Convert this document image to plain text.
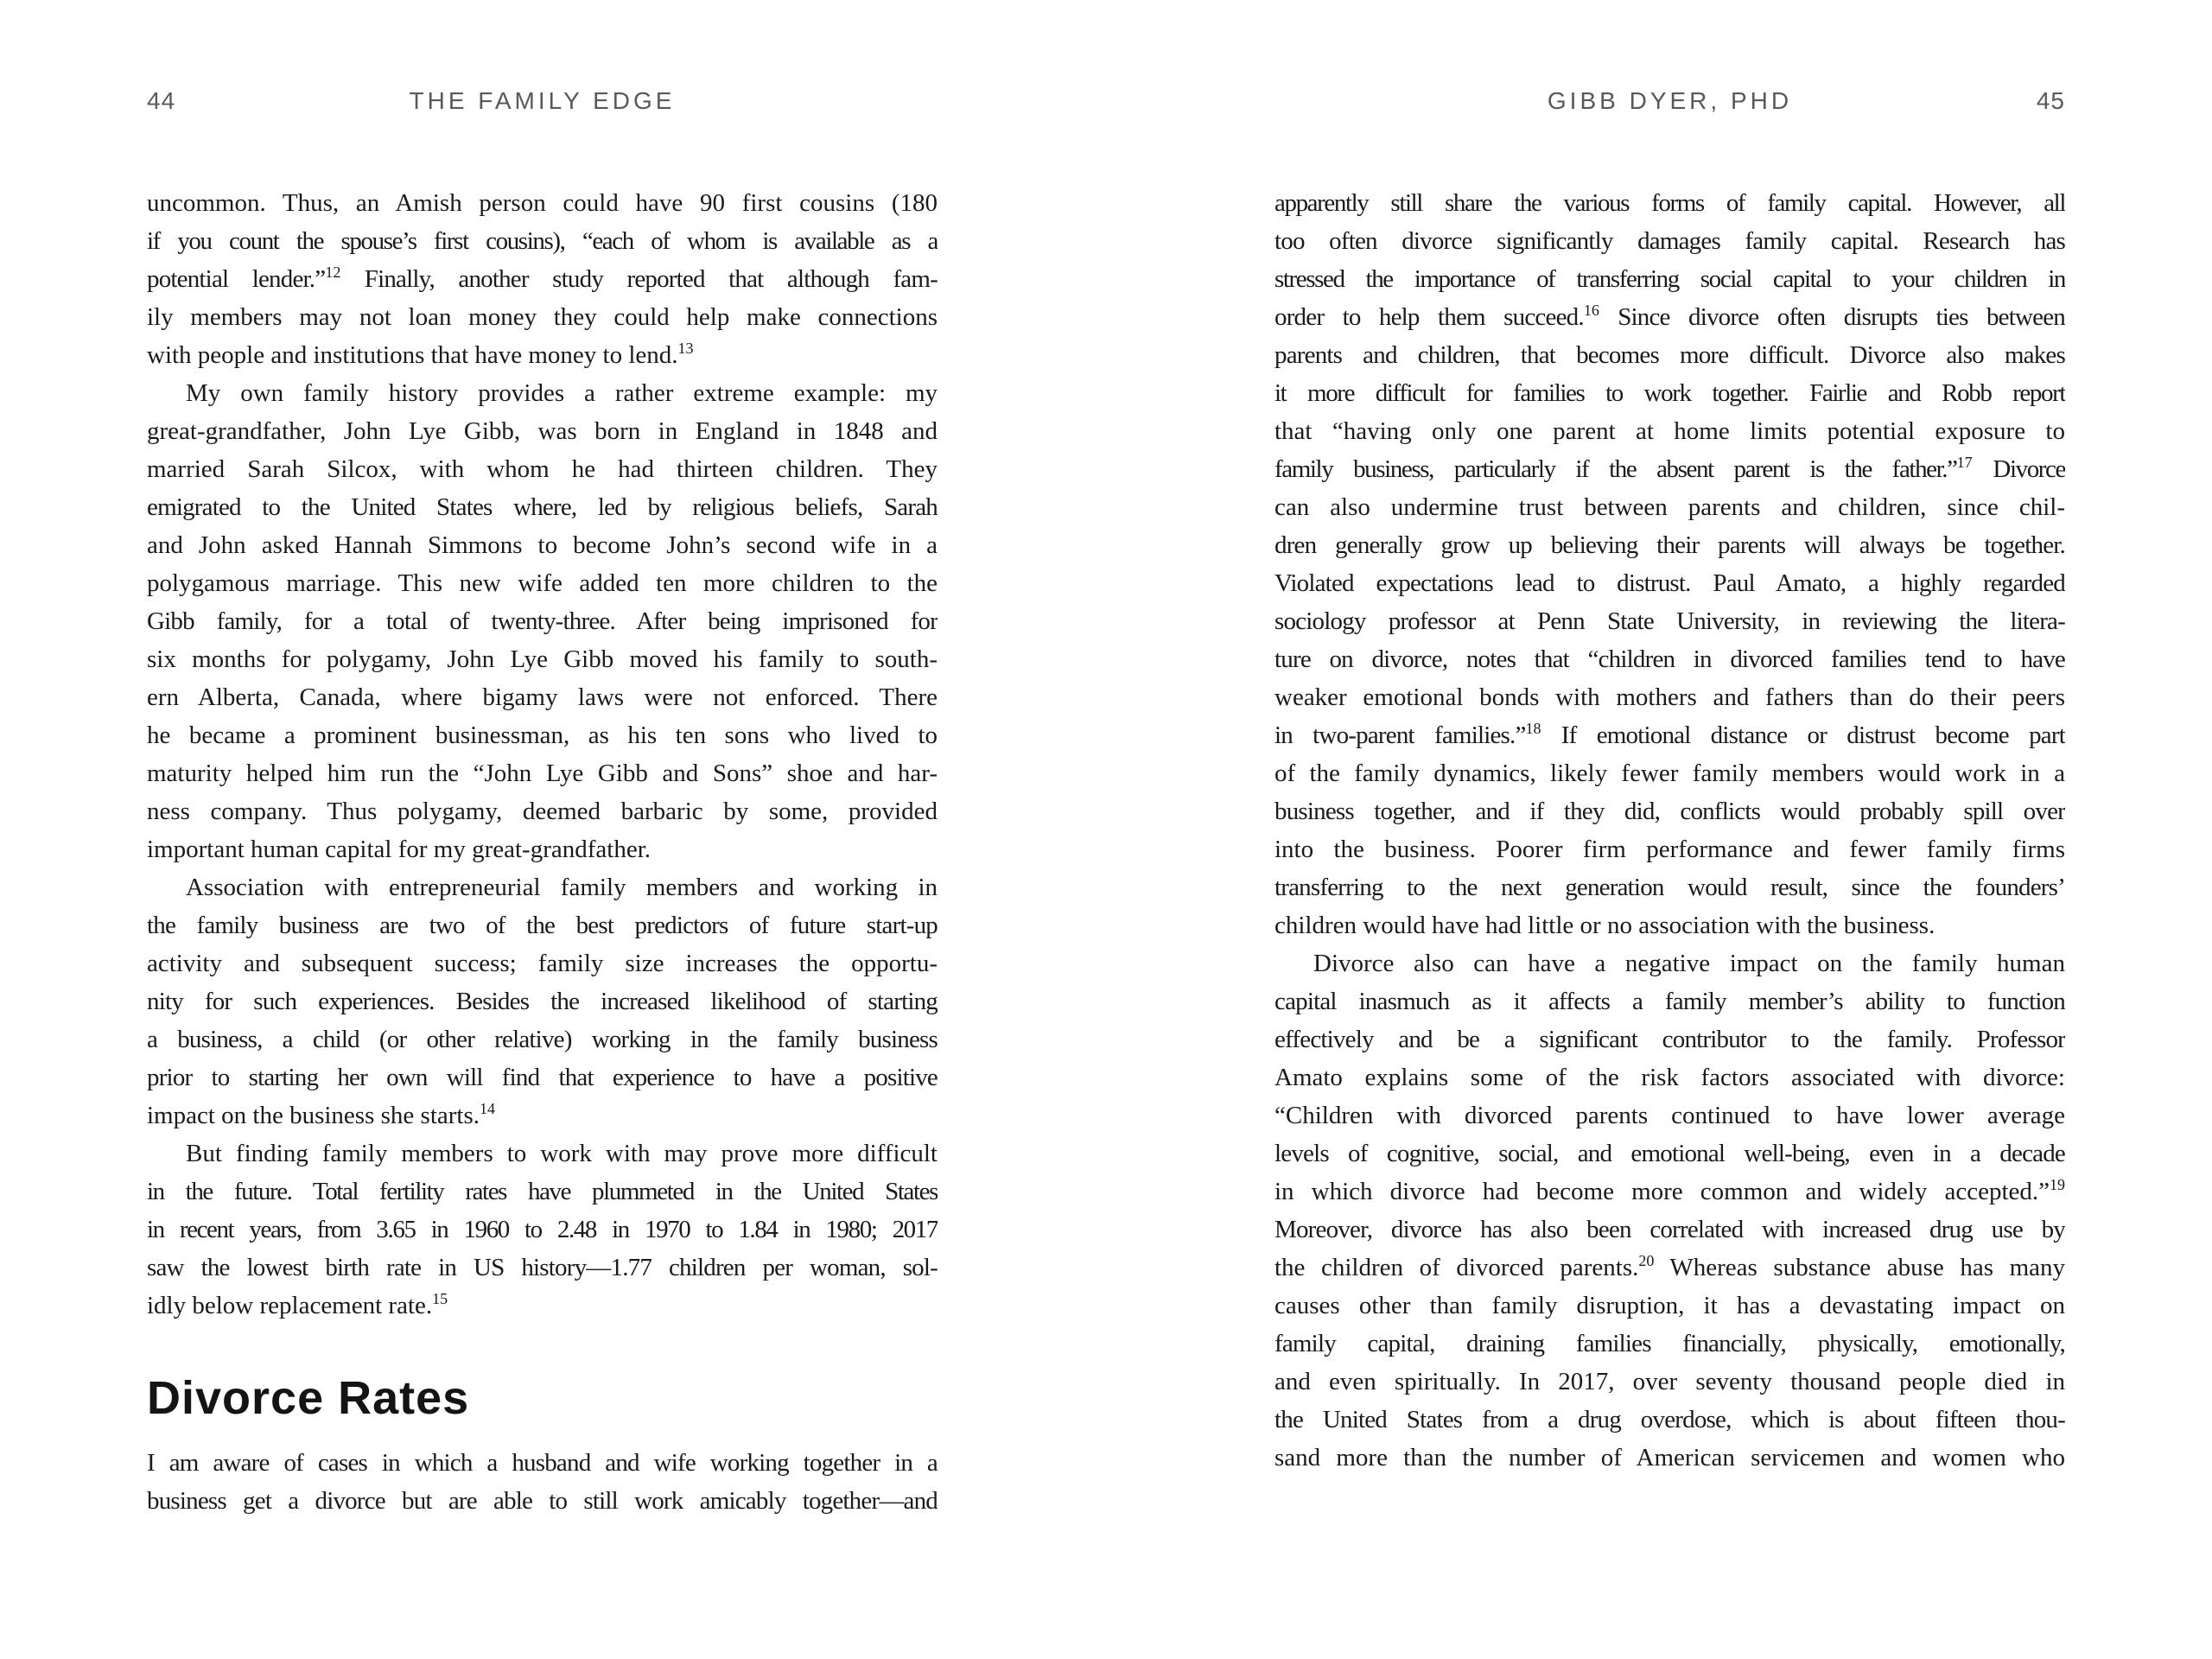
44	THE FAMILY EDGE	GIBB DYER, PHD	45
uncommon. Thus, an Amish person could have 90 first cousins (180
if you count the spouse’s first cousins), “each of whom is available as a
potential lender.”$^{12}$ Finally, another study reported that although fam-
ily members may not loan money they could help make connections
with people and institutions that have money to lend.$^{13}$
My own family history provides a rather extreme example: my
great-grandfather, John Lye Gibb, was born in England in 1848 and
married Sarah Silcox, with whom he had thirteen children. They
emigrated to the United States where, led by religious beliefs, Sarah
and John asked Hannah Simmons to become John’s second wife in a
polygamous marriage. This new wife added ten more children to the
Gibb family, for a total of twenty-three. After being imprisoned for
six months for polygamy, John Lye Gibb moved his family to south-
ern Alberta, Canada, where bigamy laws were not enforced. There
he became a prominent businessman, as his ten sons who lived to
maturity helped him run the “John Lye Gibb and Sons” shoe and har-
ness company. Thus polygamy, deemed barbaric by some, provided
important human capital for my great-grandfather.
Association with entrepreneurial family members and working in
the family business are two of the best predictors of future start-up
activity and subsequent success; family size increases the opportu-
nity for such experiences. Besides the increased likelihood of starting
a business, a child (or other relative) working in the family business
prior to starting her own will find that experience to have a positive
impact on the business she starts.$^{14}$
But finding family members to work with may prove more difficult
in the future. Total fertility rates have plummeted in the United States
in recent years, from 3.65 in 1960 to 2.48 in 1970 to 1.84 in 1980; 2017
saw the lowest birth rate in US history—1.77 children per woman, sol-
idly below replacement rate.$^{15}$
Divorce Rates
I am aware of cases in which a husband and wife working together in a
business get a divorce but are able to still work amicably together—and
apparently still share the various forms of family capital. However, all
too often divorce significantly damages family capital. Research has
stressed the importance of transferring social capital to your children in
order to help them succeed.$^{16}$ Since divorce often disrupts ties between
parents and children, that becomes more difficult. Divorce also makes
it more difficult for families to work together. Fairlie and Robb report
that “having only one parent at home limits potential exposure to
family business, particularly if the absent parent is the father.”$^{17}$ Divorce
can also undermine trust between parents and children, since chil-
dren generally grow up believing their parents will always be together.
Violated expectations lead to distrust. Paul Amato, a highly regarded
sociology professor at Penn State University, in reviewing the litera-
ture on divorce, notes that “children in divorced families tend to have
weaker emotional bonds with mothers and fathers than do their peers
in two-parent families.”$^{18}$ If emotional distance or distrust become part
of the family dynamics, likely fewer family members would work in a
business together, and if they did, conflicts would probably spill over
into the business. Poorer firm performance and fewer family firms
transferring to the next generation would result, since the founders’
children would have had little or no association with the business.
Divorce also can have a negative impact on the family human
capital inasmuch as it affects a family member’s ability to function
effectively and be a significant contributor to the family. Professor
Amato explains some of the risk factors associated with divorce:
“Children with divorced parents continued to have lower average
levels of cognitive, social, and emotional well-being, even in a decade
in which divorce had become more common and widely accepted.”$^{19}$
Moreover, divorce has also been correlated with increased drug use by
the children of divorced parents.$^{20}$ Whereas substance abuse has many
causes other than family disruption, it has a devastating impact on
family capital, draining families financially, physically, emotionally,
and even spiritually. In 2017, over seventy thousand people died in
the United States from a drug overdose, which is about fifteen thou-
sand more than the number of American servicemen and women who
